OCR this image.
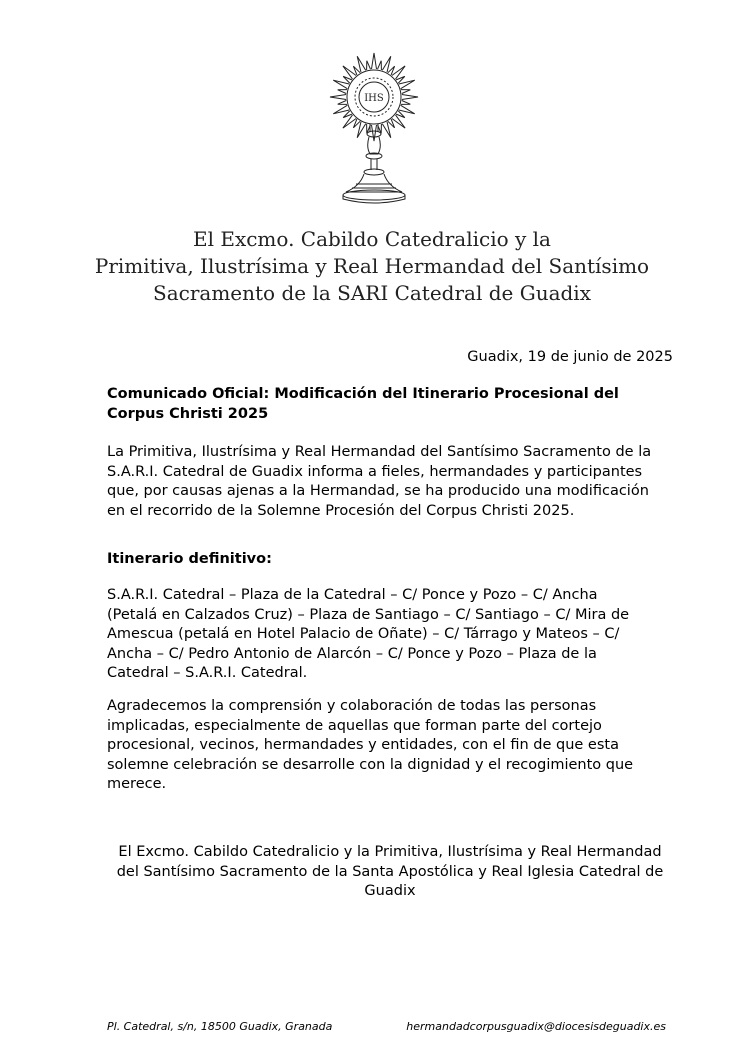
IHS
El Excmo. Cabildo Catedralicio y la
Primitiva, Ilustrísima y Real Hermandad del Santísimo
Sacramento de la SARI Catedral de Guadix
Guadix, 19 de junio de 2025
Comunicado Oficial: Modificación del Itinerario Procesional del Corpus Christi 2025
La Primitiva, Ilustrísima y Real Hermandad del Santísimo Sacramento de la S.A.R.I. Catedral de Guadix informa a fieles, hermandades y participantes que, por causas ajenas a la Hermandad, se ha producido una modificación en el recorrido de la Solemne Procesión del Corpus Christi 2025.
Itinerario definitivo:
S.A.R.I. Catedral – Plaza de la Catedral – C/ Ponce y Pozo – C/ Ancha (Petalá en Calzados Cruz) – Plaza de Santiago – C/ Santiago – C/ Mira de Amescua (petalá en Hotel Palacio de Oñate) – C/ Tárrago y Mateos – C/ Ancha – C/ Pedro Antonio de Alarcón – C/ Ponce y Pozo – Plaza de la Catedral – S.A.R.I. Catedral.
Agradecemos la comprensión y colaboración de todas las personas implicadas, especialmente de aquellas que forman parte del cortejo procesional, vecinos, hermandades y entidades, con el fin de que esta solemne celebración se desarrolle con la dignidad y el recogimiento que merece.
El Excmo. Cabildo Catedralicio y la Primitiva, Ilustrísima y Real Hermandad del Santísimo Sacramento de la Santa Apostólica y Real Iglesia Catedral de Guadix
Pl. Catedral, s/n, 18500 Guadix, Granada	hermandadcorpusguadix@diocesisdeguadix.es
